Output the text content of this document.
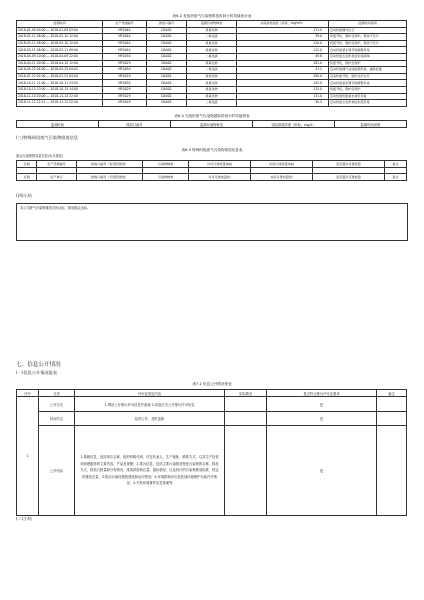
表6-2 有组织废气污染物排放时间小时均值统计表
监测时间	生产设施编号	排放口编号	监测污染物种类	实际排放浓度（折标，mg/m3）	监测时间说明
2018-01-09 00:00 — 2018-01-09 03:00	MF0044	DA002	氮氧化物	111.0	启动机组增设运行
2018-02-11 08:00 — 2018-02-10 12:00	MF0044	DA002	二氧化硫	39.0	机组开机，锅炉启停炉，燃烧不充分
2018-03-11 08:00 — 2018-03-10 12:00	MF0044	DA002	氮氧化物	120.0	机组开机，锅炉启停炉，燃烧不充分
2018-03-11 08:00 — 2018-03-11 09:00	MF0044	DA002	氮氧化物	122.0	启动机组氨水调节阀调整异常
2018-04-09 20:00 — 2018-04-09 22:00	MF0050	DA002	二氧化硫	49.8	启动机组石灰浆供给系统故障
2018-04-11 00:00 — 2018-04-10 12:00	MF0029	DA002	氮氧化物	181.0	机组开机，锅炉启停炉
2018-05-25 04:00 — 2018-05-25 04:02	MF0050	DA002	二氧化硫	41.2	启动机组烟气在线监测异常，重新校准
2018-07-23 02:00 — 2018-07-23 04:00	MF0029	DA001	氮氧化物	100.0	启动机组开机，锅炉点炉运行
2018-10-11 21:00 — 2018-10-11 23:00	MF0050	DA002	氮氧化物	103.0	启动机组氨水调节阀调整异常
2018-10-15 13:00 — 2018-10-15 14:00	MF0029	DA002	氮氧化物	112.0	机组开机，锅炉启停炉
2018-11-10 20:00 — 2018-11-10 22:00	MF0029	DA002	氮氧化物	131.0	启动机组机组氨水调节异常
2018-11-12 22:11 — 2018-11-12 22:40	MF0029	DA002	二氧化硫	50.4	启动机组石灰浆供给系统异常
表6-4 无组织废气污染物超标时段小时均值报表
监测时间	排放口编号	监测污染物种类	实际排放浓度（折标，mg/L）	监测时间说明
(三)特殊时段废气污染物排放信息
表6-5 特殊时段废气污染物排放信息表
重点污染物排放量信息(本月排放)
日期	生产设施编号	排放口编号（有组织排放）	污染物种类	许可日排放量(kg)	实际日排放量(kg)	是否超许可排放量	备注

日期	生产单元	排放口编号（无组织排放）	污染物种类	许可月排放量(t)	实际月排放量(t)	是否超许可排放量	备注
(四)小结
本公司废气污染物排放总体达标，排放稳定达标。
七、信息公开情况
(一)信息公开情况报表
表7-1 信息公开情况报表
序号	分类	许可证规定内容	实际情况	是否符合排污许可证要求	备注
1	公开方式	1.网站公开排污许可信息并备案 2.其他方式公开排污许可信息		是	
	时间节点	及时公开，及时更新		是	
	公开内容	1.基础信息，包括单位名称、组织机构代码、法定代表人、生产地址、联系方式，以及生产经营和管理服务的主要内容、产品及规模；2.排污信息，包括主要污染物及特征污染物的名称、排放方式、排放口数量和分布情况、排放浓度和总量、超标情况，以及执行的污染物排放标准、核定的排放总量；3.防治污染设施的建设和运行情况；4.环境影响评价及其他环境保护行政许可情况；5.突发环境事件应急预案等		是	
(二)小结
